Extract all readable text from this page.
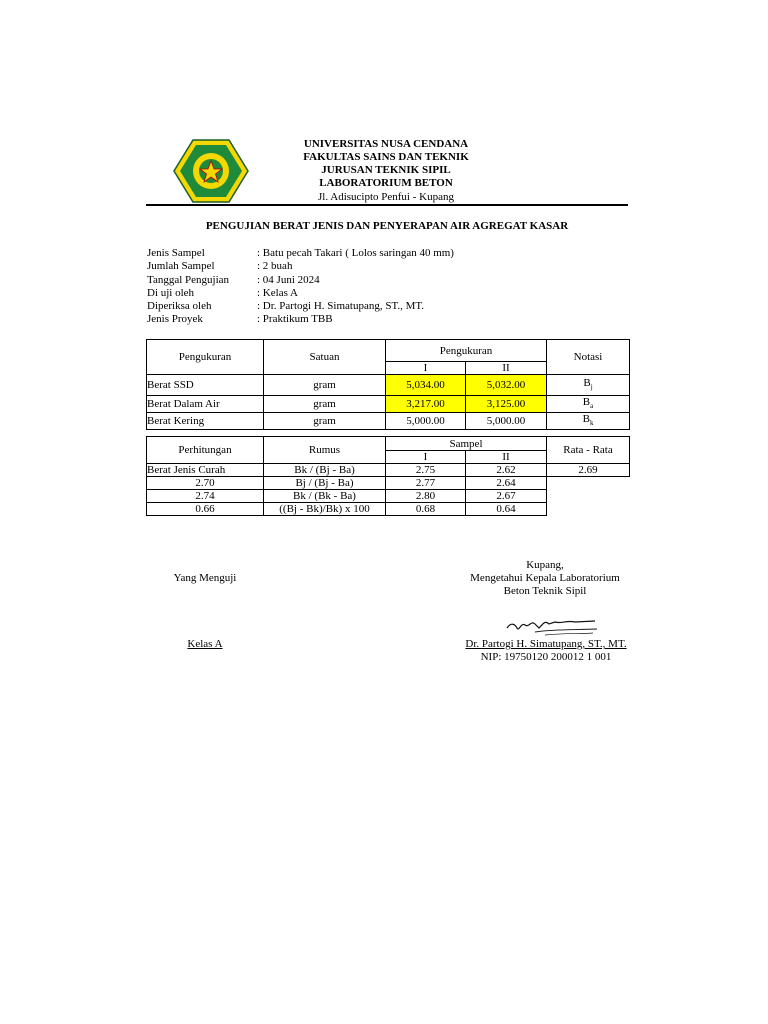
UNIVERSITAS NUSA CENDANA
FAKULTAS SAINS DAN TEKNIK
JURUSAN TEKNIK SIPIL
LABORATORIUM BETON
Jl. Adisucipto Penfui - Kupang
PENGUJIAN BERAT JENIS DAN PENYERAPAN AIR AGREGAT KASAR
Jenis Sampel	: Batu pecah Takari ( Lolos saringan 40 mm)
Jumlah Sampel	: 2 buah
Tanggal Pengujian	: 04 Juni 2024
Di uji oleh	: Kelas A
Diperiksa oleh	: Dr. Partogi H. Simatupang, ST., MT.
Jenis Proyek	: Praktikum TBB
Pengukuran	Satuan	Pengukuran		Notasi
		I	II	
Berat SSD	gram	5,034.00	5,032.00	$B_j$
Berat Dalam Air	gram	3,217.00	3,125.00	$B_a$
Berat Kering	gram	5,000.00	5,000.00	$B_k$
Perhitungan	Rumus	Sampel		Rata - Rata
		I	II	
Berat Jenis Curah	Bk / (Bj - Ba)	2.75	2.62	2.69
2.70	Bj / (Bj - Ba)	2.77	2.64	
2.74	Bk / (Bk - Ba)	2.80	2.67	
0.66	((Bj - Bk)/Bk) x 100	0.68	0.64	
Yang Menguji
Kelas A
Kupang,
Mengetahui Kepala Laboratorium
Beton Teknik Sipil
Dr. Partogi H. Simatupang, ST., MT.
NIP: 19750120 200012 1 001
